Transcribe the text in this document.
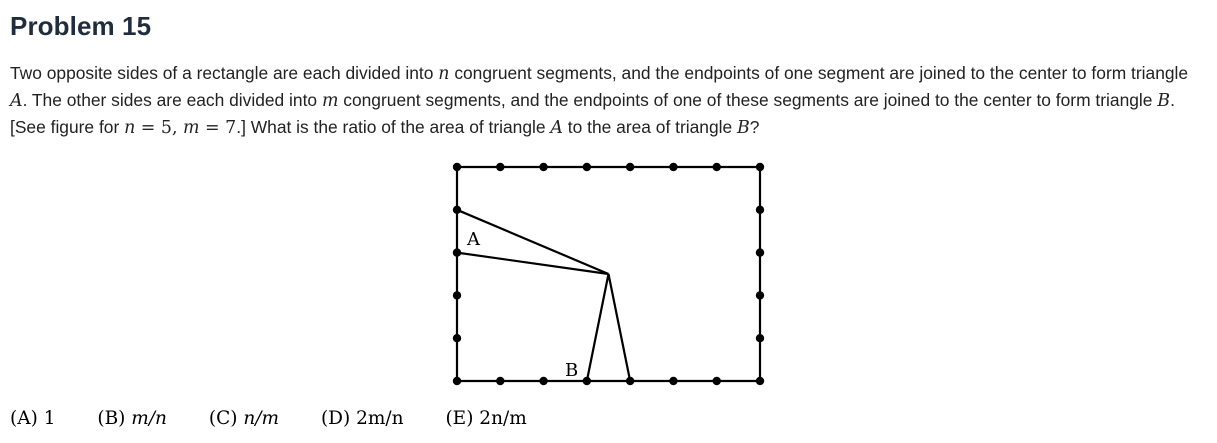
Problem 15

Two opposite sides of a rectangle are each divided into n congruent segments, and the endpoints of one segment are joined to the center to form triangle A. The other sides are each divided into m congruent segments, and the endpoints of one of these segments are joined to the center to form triangle B. [See figure for n = 5, m = 7.] What is the ratio of the area of triangle A to the area of triangle B?

A
B
(A) 1 (B) m/n (C) n/m (D) 2m/n (E) 2n/m
